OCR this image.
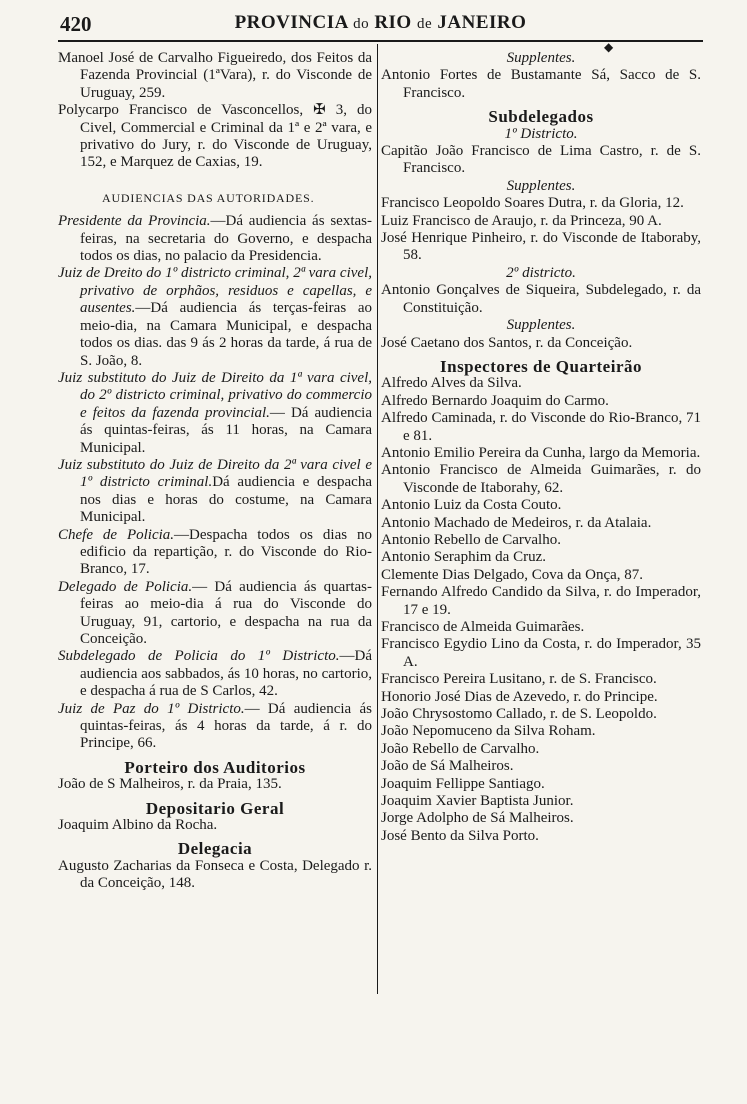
420	PROVINCIA do RIO de JANEIRO
◆
Manoel José de Carvalho Figueiredo, dos Feitos da Fazenda Provincial (1ªVara), r. do Visconde de Uruguay, 259.
Polycarpo Francisco de Vasconcellos, ✠ 3, do Civel, Commercial e Criminal da 1ª e 2ª vara, e privativo do Jury, r. do Visconde de Uruguay, 152, e Marquez de Caxias, 19.
AUDIENCIAS DAS AUTORIDADES.
Presidente da Provincia.—Dá audiencia ás sextas-feiras, na secretaria do Governo, e despacha todos os dias, no palacio da Presidencia.
Juiz de Dreito do 1º districto criminal, 2ª vara civel, privativo de orphãos, residuos e capellas, e ausentes.—Dá audiencia ás terças-feiras ao meio-dia, na Camara Municipal, e despacha todos os dias. das 9 ás 2 horas da tarde, á rua de S. João, 8.
Juiz substituto do Juiz de Direito da 1ª vara civel, do 2º districto criminal, privativo do commercio e feitos da fazenda provincial.— Dá audiencia ás quintas-feiras, ás 11 horas, na Camara Municipal.
Juiz substituto do Juiz de Direito da 2ª vara civel e 1º districto criminal.Dá audiencia e despacha nos dias e horas do costume, na Camara Municipal.
Chefe de Policia.—Despacha todos os dias no edificio da repartição, r. do Visconde do Rio-Branco, 17.
Delegado de Policia.— Dá audiencia ás quartas-feiras ao meio-dia á rua do Visconde do Uruguay, 91, cartorio, e despacha na rua da Conceição.
Subdelegado de Policia do 1º Districto.—Dá audiencia aos sabbados, ás 10 horas, no cartorio, e despacha á rua de S Carlos, 42.
Juiz de Paz do 1º Districto.— Dá audiencia ás quintas-feiras, ás 4 horas da tarde, á r. do Principe, 66.
Porteiro dos Auditorios
João de S Malheiros, r. da Praia, 135.
Depositario Geral
Joaquim Albino da Rocha.
Delegacia
Augusto Zacharias da Fonseca e Costa, Delegado r. da Conceição, 148.
Supplentes.
Antonio Fortes de Bustamante Sá, Sacco de S. Francisco.
Subdelegados
1º Districto.
Capitão João Francisco de Lima Castro, r. de S. Francisco.
Supplentes.
Francisco Leopoldo Soares Dutra, r. da Gloria, 12.
Luiz Francisco de Araujo, r. da Princeza, 90 A.
José Henrique Pinheiro, r. do Visconde de Itaboraby, 58.
2º districto.
Antonio Gonçalves de Siqueira, Subdelegado, r. da Constituição.
Supplentes.
José Caetano dos Santos, r. da Conceição.
Inspectores de Quarteirão
Alfredo Alves da Silva.
Alfredo Bernardo Joaquim do Carmo.
Alfredo Caminada, r. do Visconde do Rio-Branco, 71 e 81.
Antonio Emilio Pereira da Cunha, largo da Memoria.
Antonio Francisco de Almeida Guimarães, r. do Visconde de Itaborahy, 62.
Antonio Luiz da Costa Couto.
Antonio Machado de Medeiros, r. da Atalaia.
Antonio Rebello de Carvalho.
Antonio Seraphim da Cruz.
Clemente Dias Delgado, Cova da Onça, 87.
Fernando Alfredo Candido da Silva, r. do Imperador, 17 e 19.
Francisco de Almeida Guimarães.
Francisco Egydio Lino da Costa, r. do Imperador, 35 A.
Francisco Pereira Lusitano, r. de S. Francisco.
Honorio José Dias de Azevedo, r. do Principe.
João Chrysostomo Callado, r. de S. Leopoldo.
João Nepomuceno da Silva Roham.
João Rebello de Carvalho.
João de Sá Malheiros.
Joaquim Fellippe Santiago.
Joaquim Xavier Baptista Junior.
Jorge Adolpho de Sá Malheiros.
José Bento da Silva Porto.
